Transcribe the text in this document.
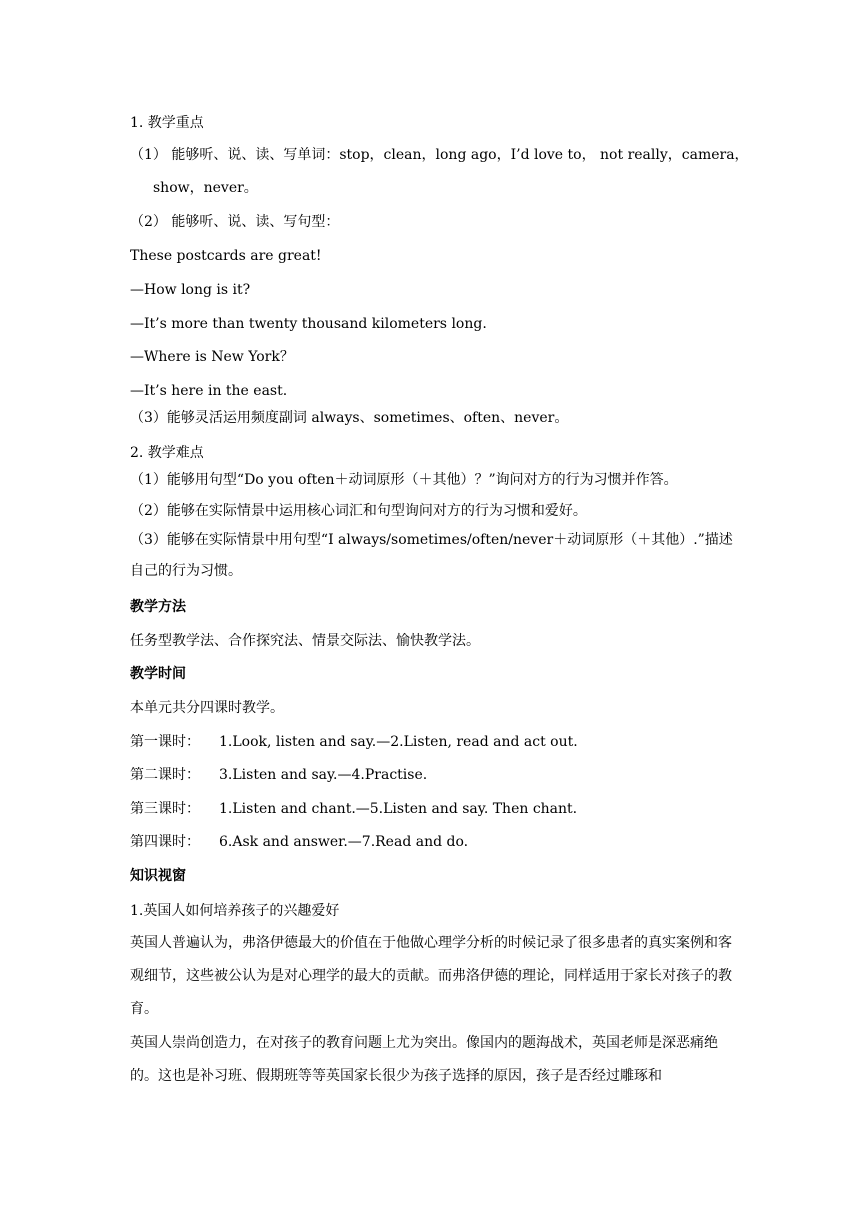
1. 教学重点
（1） 能够听、说、读、写单词：stop，clean，long ago，I’d love to， not really，camera，
show，never。
（2） 能够听、说、读、写句型：
These postcards are great!
—How long is it?
—It’s more than twenty thousand kilometers long.
—Where is New York？
—It’s here in the east.
（3）能够灵活运用频度副词 always、sometimes、often、never。
2. 教学难点
（1）能够用句型“Do you often＋动词原形（＋其他）？”询问对方的行为习惯并作答。
（2）能够在实际情景中运用核心词汇和句型询问对方的行为习惯和爱好。
（3）能够在实际情景中用句型“I always/sometimes/often/never＋动词原形（＋其他）.”描述自己的行为习惯。
教学方法
任务型教学法、合作探究法、情景交际法、愉快教学法。
教学时间
本单元共分四课时教学。
第一课时： 1.Look, listen and say.—2.Listen, read and act out.
第二课时： 3.Listen and say.—4.Practise.
第三课时： 1.Listen and chant.—5.Listen and say. Then chant.
第四课时： 6.Ask and answer.—7.Read and do.
知识视窗
1.英国人如何培养孩子的兴趣爱好
英国人普遍认为，弗洛伊德最大的价值在于他做心理学分析的时候记录了很多患者的真实案例和客观细节，这些被公认为是对心理学的最大的贡献。而弗洛伊德的理论，同样适用于家长对孩子的教育。
英国人崇尚创造力，在对孩子的教育问题上尤为突出。像国内的题海战术，英国老师是深恶痛绝的。这也是补习班、假期班等等英国家长很少为孩子选择的原因，孩子是否经过雕琢和
